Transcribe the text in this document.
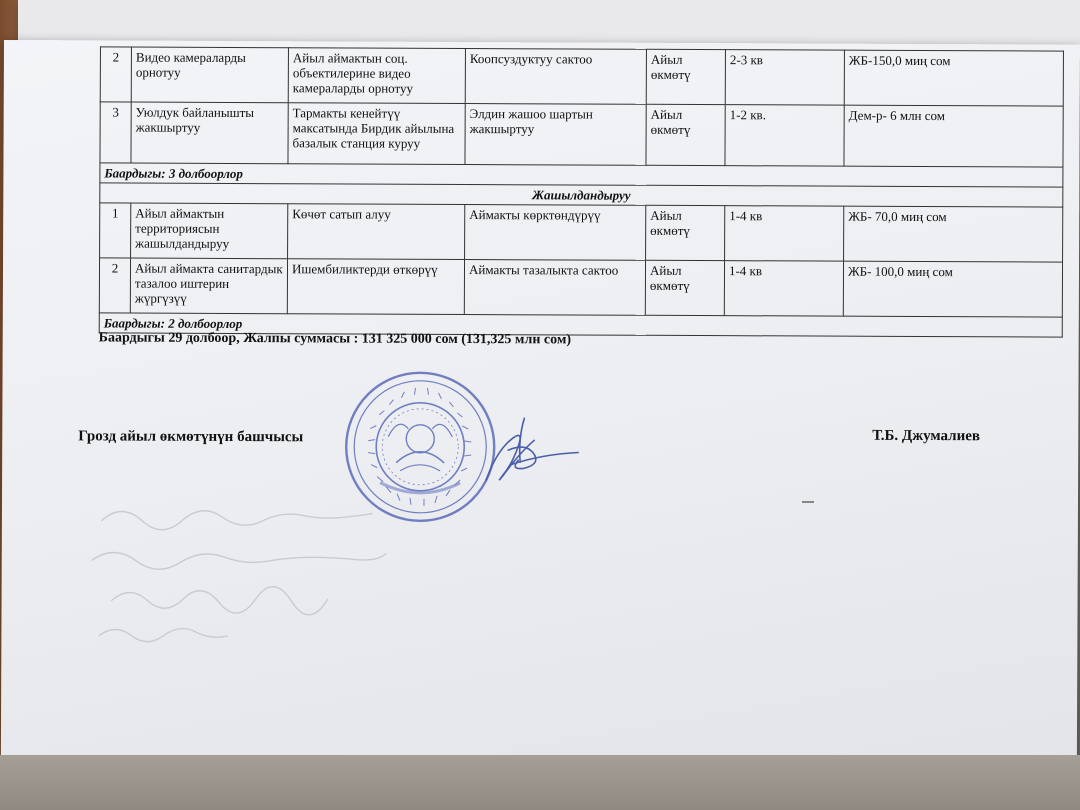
2	Видео камераларды орнотуу	Айыл аймактын соц. объектилерине видео камераларды орнотуу	Коопсуздуктуу сактоо	Айыл өкмөтү	2-3 кв	ЖБ-150,0 миң сом
3	Уюлдук байланышты жакшыртуу	Тармакты кенейтүү максатында Бирдик айылына базалык станция куруу	Элдин жашоо шартын жакшыртуу	Айыл өкмөтү	1-2 кв.	Дем-р- 6 млн сом
Баардыгы: 3 долбоорлор						
Жашылдандыруу						
1	Айыл аймактын территориясын жашылдандыруу	Көчөт сатып алуу	Аймакты көрктөндүрүү	Айыл өкмөтү	1-4 кв	ЖБ- 70,0 миң сом
2	Айыл аймакта санитардык тазалоо иштерин жүргүзүү	Ишембиликтерди өткөрүү	Аймакты тазалыкта сактоо	Айыл өкмөтү	1-4 кв	ЖБ- 100,0 миң сом
Баардыгы: 2 долбоорлор						
Баардыгы 29 долбоор, Жалпы суммасы : 131 325 000 сом (131,325 млн сом)
Грозд айыл өкмөтүнүн башчысы	Т.Б. Джумалиев
